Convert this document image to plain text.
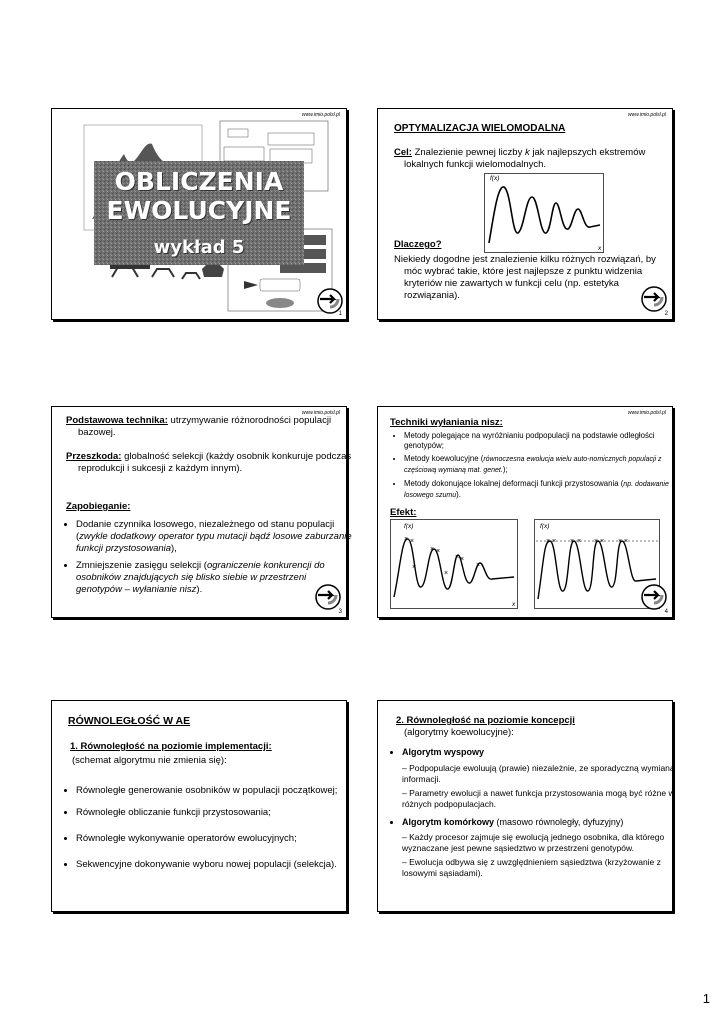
www.imio.polsl.pl
OBLICZENIA
EWOLUCYJNE
wykład 5
1
www.imio.polsl.pl
OPTYMALIZACJA WIELOMODALNA
Cel: Znalezienie pewnej liczby k jak najlepszych ekstremów lokalnych funkcji wielomodalnych.
f(x)
x
Dlaczego?
Niekiedy dogodne jest znalezienie kilku różnych rozwiązań, by móc wybrać takie, które jest najlepsze z punktu widzenia kryteriów nie zawartych w funkcji celu (np. estetyka rozwiązania).
2
www.imio.polsl.pl
Podstawowa technika: utrzymywanie różnorodności populacji bazowej.
Przeszkoda: globalność selekcji (każdy osobnik konkuruje podczas reprodukcji i sukcesji z każdym innym).
Zapobieganie:
• Dodanie czynnika losowego, niezależnego od stanu populacji (zwykle dodatkowy operator typu mutacji bądź losowe zaburzanie funkcji przystosowania),
• Zmniejszenie zasięgu selekcji (ograniczenie konkurencji do osobników znajdujących się blisko siebie w przestrzeni genotypów – wyłanianie nisz).
3
www.imio.polsl.pl
Techniki wyłaniania nisz:
• Metody polegające na wyróżnianiu podpopulacji na podstawie odległości genotypów;
• Metody koewolucyjne (równoczesna ewolucja wielu auto-nomicznych populacji z częściową wymianą mat. genet.);
• Metody dokonujące lokalnej deformacji funkcji przystosowania (np. dodawanie losowego szumu).
Efekt:
× ×
× ×
× ×
×
×
×
f(x)
x
× × × × × × × ×
f(x)
4
RÓWNOLEGŁOŚĆ W AE
1. Równoległość na poziomie implementacji:
(schemat algorytmu nie zmienia się):
• Równoległe generowanie osobników w populacji początkowej;
• Równoległe obliczanie funkcji przystosowania;
• Równoległe wykonywanie operatorów ewolucyjnych;
• Sekwencyjne dokonywanie wyboru nowej populacji (selekcja).
2. Równoległość na poziomie koncepcji
(algorytmy koewolucyjne):
• Algorytm wyspowy
– Podpopulacje ewoluują (prawie) niezależnie, ze sporadyczną wymianą informacji.
– Parametry ewolucji a nawet funkcja przystosowania mogą być różne w różnych podpopulacjach.
• Algorytm komórkowy (masowo równoległy, dyfuzyjny)
– Każdy procesor zajmuje się ewolucją jednego osobnika, dla którego wyznaczane jest pewne sąsiedztwo w przestrzeni genotypów.
– Ewolucja odbywa się z uwzględnieniem sąsiedztwa (krzyżowanie z losowymi sąsiadami).
1
